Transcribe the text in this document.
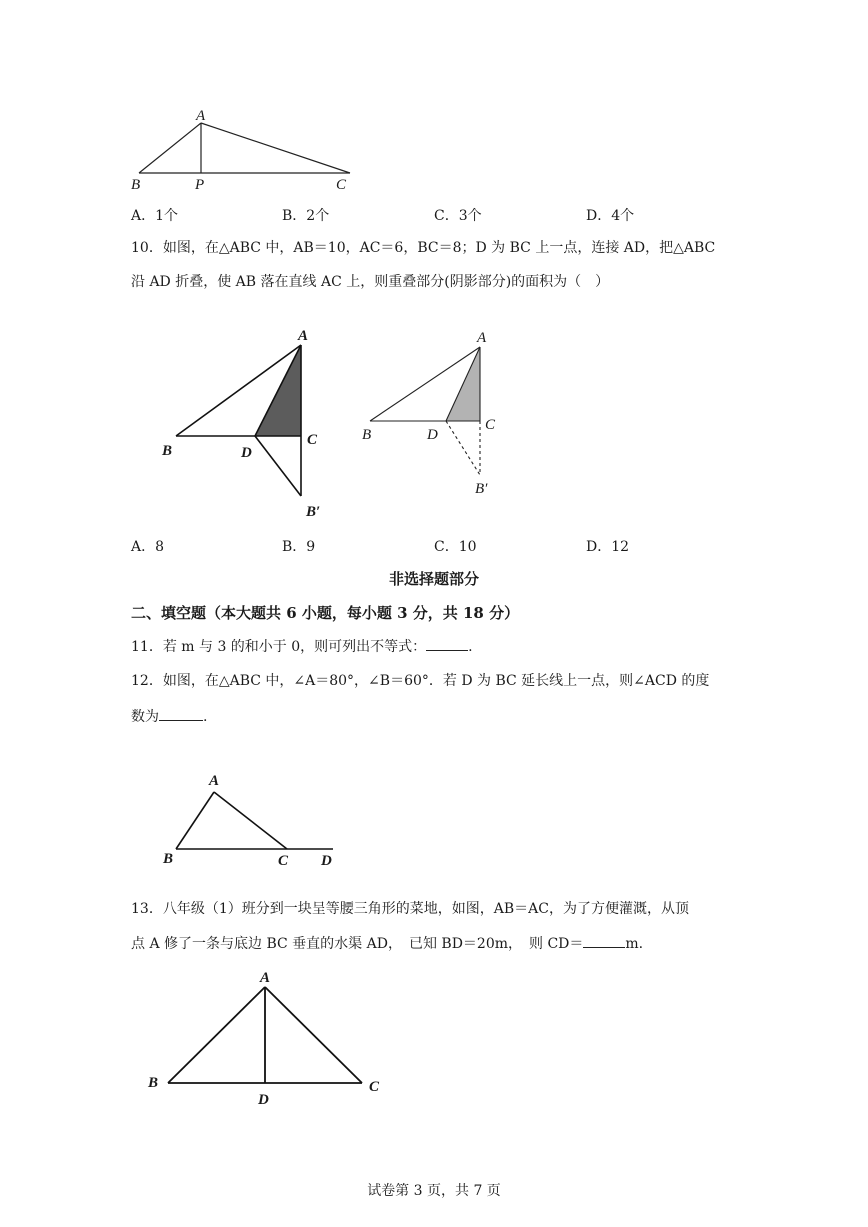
A
B	P	C
A．1个	B．2个	C．3个	D．4个
10．如图，在△ABC 中，AB＝10，AC＝6，BC＝8；D 为 BC 上一点，连接 AD，把△ABC
沿 AD 折叠，使 AB 落在直线 AC 上，则重叠部分(阴影部分)的面积为（　）
A
B
C
D
B′
A
B
C
D
B′
A．8	B．9	C．10	D．12
非选择题部分
二、填空题（本大题共 6 小题，每小题 3 分，共 18 分）
11．若 m 与 3 的和小于 0，则可列出不等式：	.
12．如图，在△ABC 中，∠A＝80°，∠B＝60°．若 D 为 BC 延长线上一点，则∠ACD 的度
数为	.
A
B	C D
13．八年级（1）班分到一块呈等腰三角形的菜地，如图，AB＝AC，为了方便灌溉，从顶
点 A 修了一条与底边 BC 垂直的水渠 AD，　已知 BD＝20m，　则 CD＝	m.
A
B	C
D
试卷第 3 页，共 7 页
